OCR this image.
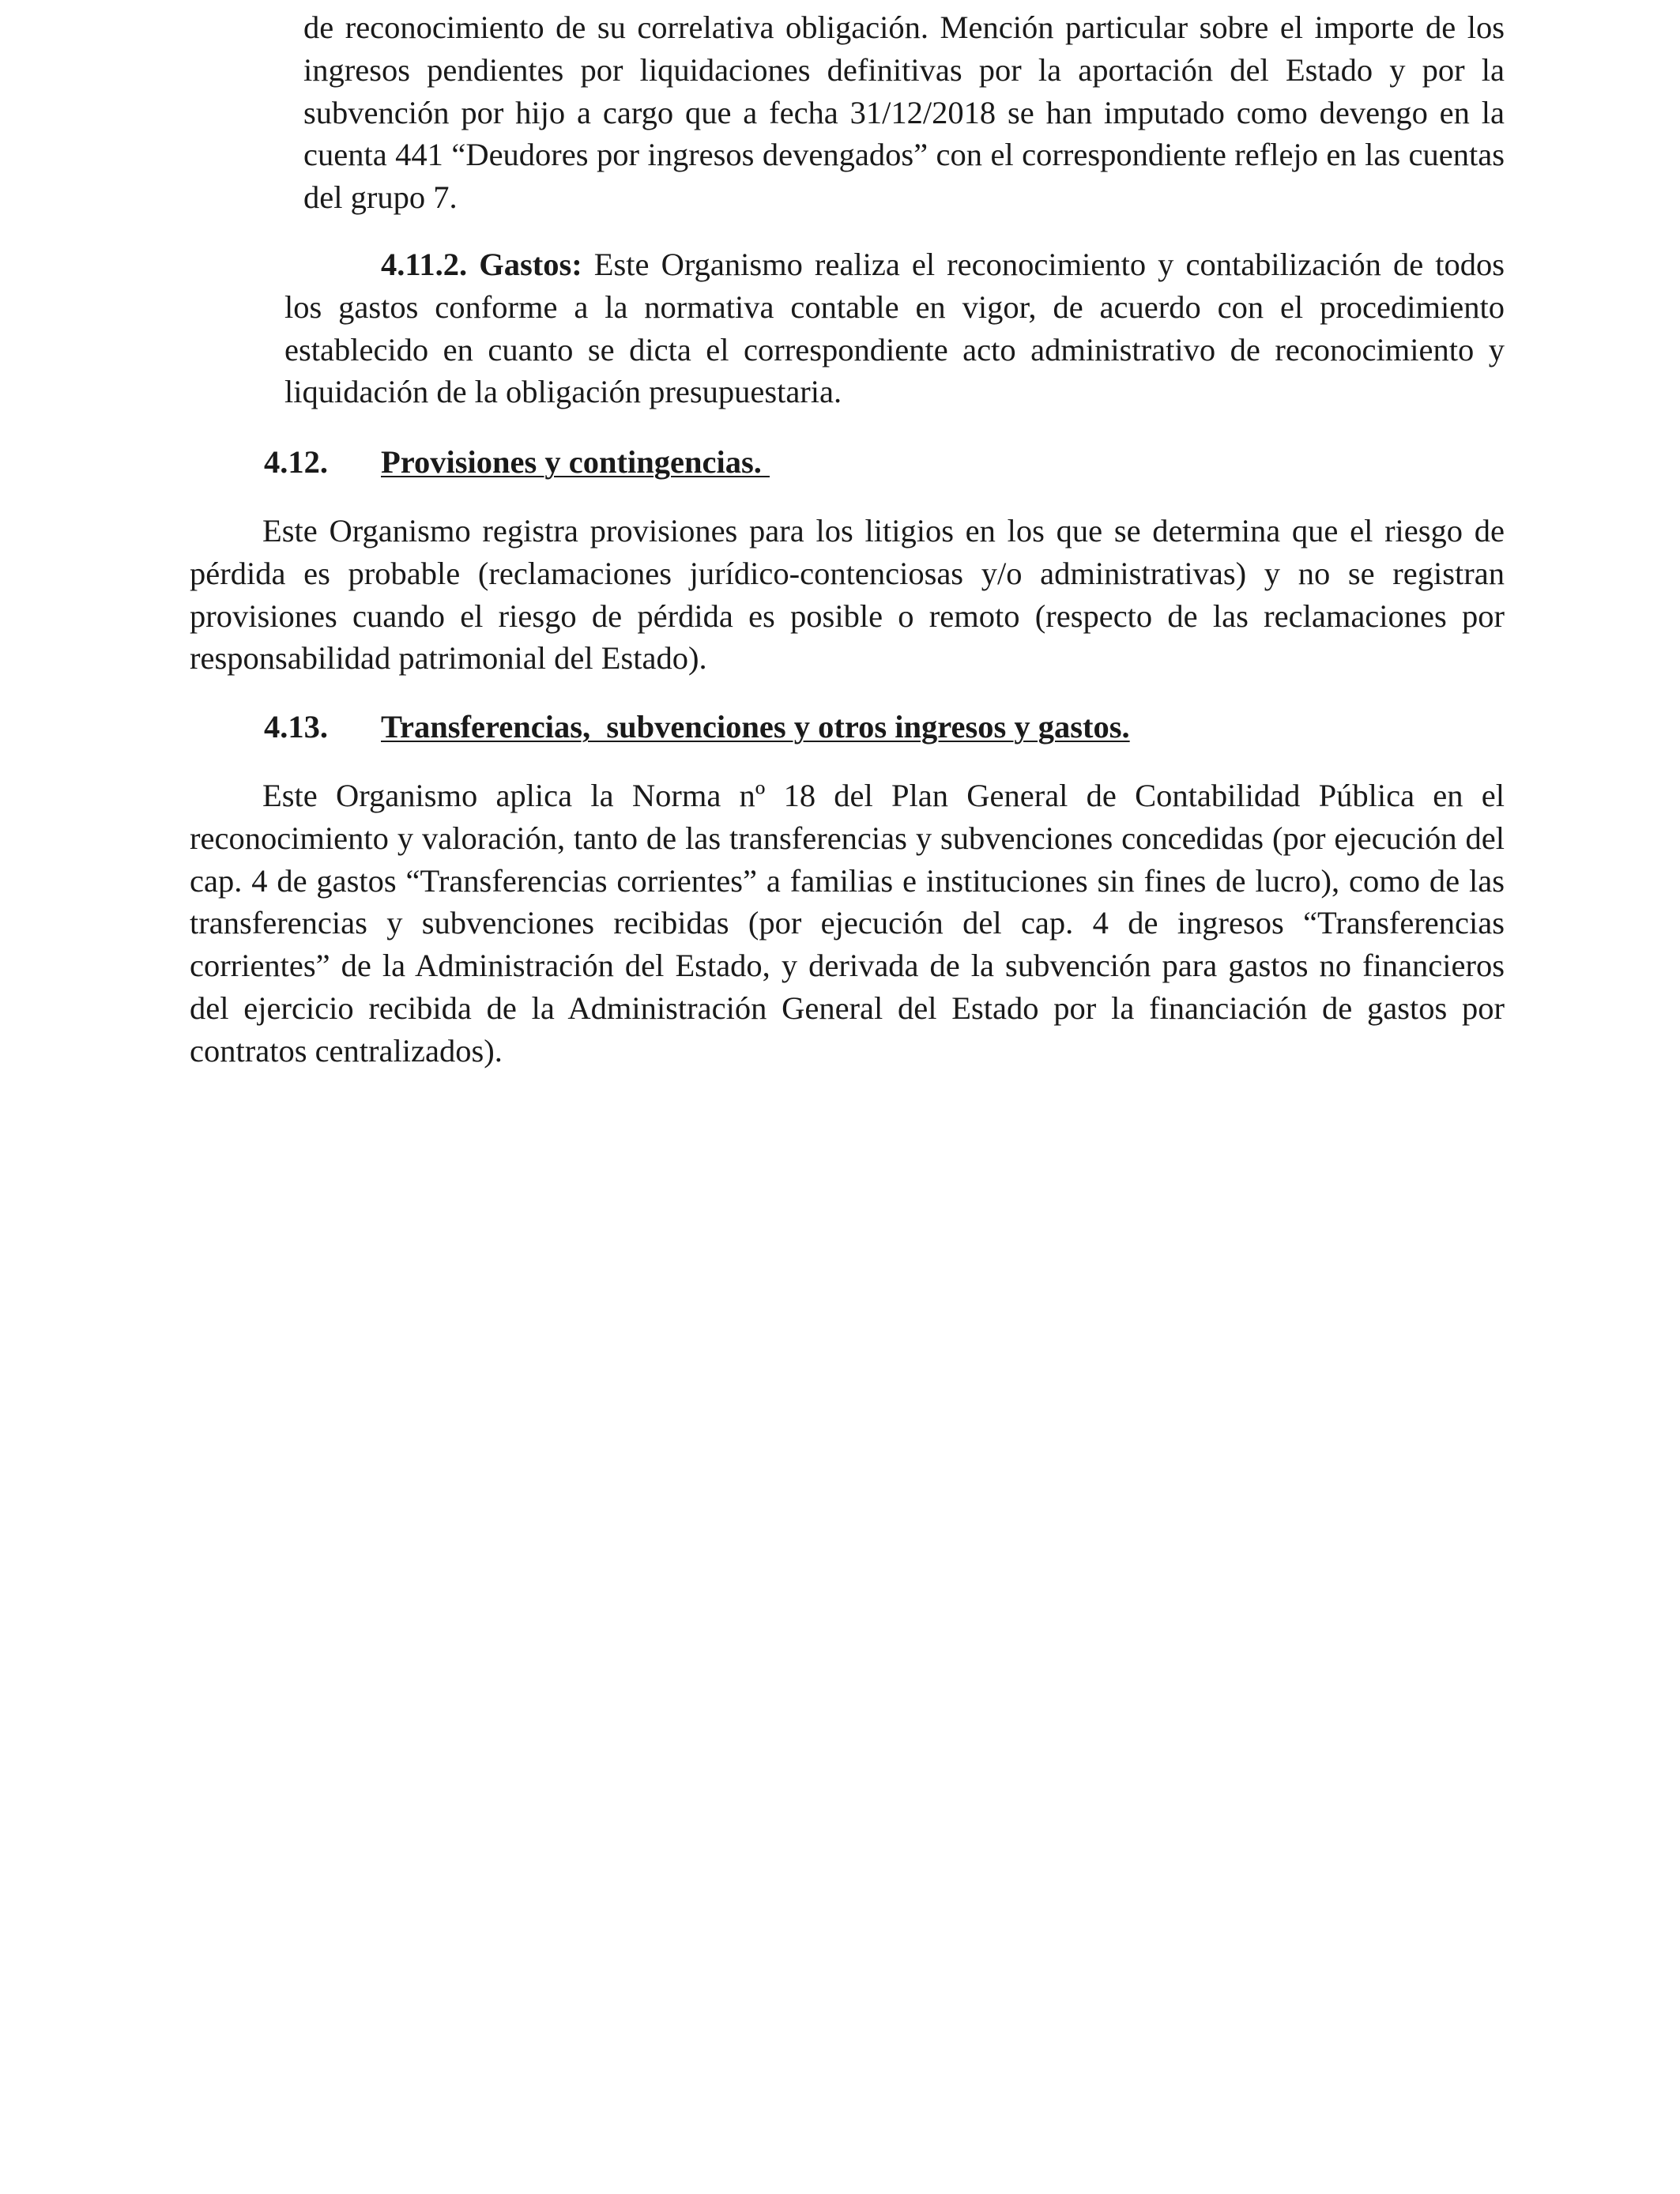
de reconocimiento de su correlativa obligación. Mención particular sobre el importe de los ingresos pendientes por liquidaciones definitivas por la aportación del Estado y por la subvención por hijo a cargo que a fecha 31/12/2018 se han imputado como devengo en la cuenta 441 “Deudores por ingresos devengados” con el correspondiente reflejo en las cuentas del grupo 7.

4.11.2. Gastos: Este Organismo realiza el reconocimiento y contabilización de todos los gastos conforme a la normativa contable en vigor, de acuerdo con el procedimiento establecido en cuanto se dicta el correspondiente acto administrativo de reconocimiento y liquidación de la obligación presupuestaria.

4.12. Provisiones y contingencias.

Este Organismo registra provisiones para los litigios en los que se determina que el riesgo de pérdida es probable (reclamaciones jurídico-contenciosas y/o administrativas) y no se registran provisiones cuando el riesgo de pérdida es posible o remoto (respecto de las reclamaciones por responsabilidad patrimonial del Estado).

4.13. Transferencias,  subvenciones y otros ingresos y gastos.

Este Organismo aplica la Norma nº 18 del Plan General de Contabilidad Pública en el reconocimiento y valoración, tanto de las transferencias y subvenciones concedidas (por ejecución del cap. 4 de gastos “Transferencias corrientes” a familias e instituciones sin fines de lucro), como de las transferencias y subvenciones recibidas (por ejecución del cap. 4 de ingresos “Transferencias corrientes” de la Administración del Estado, y derivada de la subvención para gastos no financieros del ejercicio recibida de la Administración General del Estado por la financiación de gastos por contratos centralizados).
